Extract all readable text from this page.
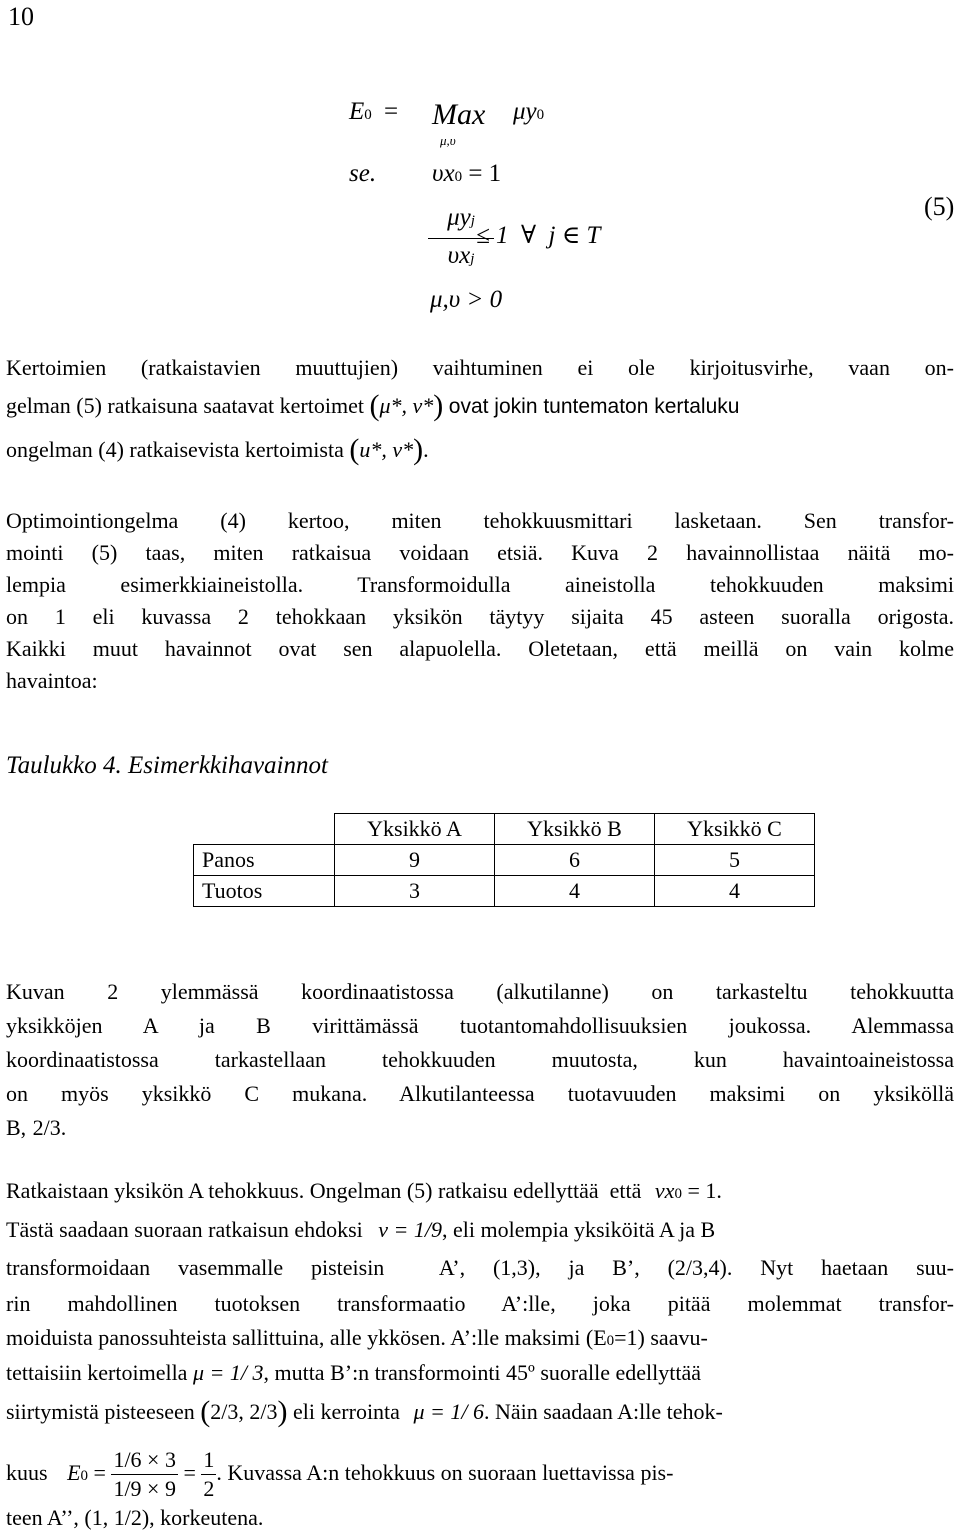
10
E0 = Max
μ,υ
μy0
se. υx0 = 1
μyj
υxj
≤ 1  ∀  j ∈ T
μ,υ > 0
(5)
Kertoimien (ratkaistavien muuttujien) vaihtuminen ei ole kirjoitusvirhe, vaan on-
gelman (5) ratkaisuna saatavat kertoimet (μ*, ν*) ovat jokin tuntematon kertaluku
ongelman (4) ratkaisevista kertoimista (u*, v*).
Optimointiongelma (4) kertoo, miten tehokkuusmittari lasketaan. Sen transfor-
mointi (5) taas, miten ratkaisua voidaan etsiä. Kuva 2 havainnollistaa näitä mo-
lempia esimerkkiaineistolla. Transformoidulla aineistolla tehokkuuden maksimi
on 1 eli kuvassa 2 tehokkaan yksikön täytyy sijaita 45 asteen suoralla origosta.
Kaikki muut havainnot ovat sen alapuolella. Oletetaan, että meillä on vain kolme
havaintoa:
Taulukko 4. Esimerkkihavainnot
	Yksikkö A	Yksikkö B	Yksikkö C
Panos	9	6	5
Tuotos	3	4	4
Kuvan 2 ylemmässä koordinaatistossa (alkutilanne) on tarkasteltu tehokkuutta
yksikköjen A ja B virittämässä tuotantomahdollisuuksien joukossa. Alemmassa
koordinaatistossa tarkastellaan tehokkuuden muutosta, kun havaintoaineistossa
on myös yksikkö C mukana. Alkutilanteessa tuotavuuden maksimi on yksiköllä
B, 2/3.
Ratkaistaan yksikön A tehokkuus. Ongelman (5) ratkaisu edellyttää  että νx0 = 1.
Tästä saadaan suoraan ratkaisun ehdoksi ν = 1/9, eli molempia yksiköitä A ja B
transformoidaan vasemmalle pisteisin  A’, (1,3), ja B’, (2/3,4). Nyt haetaan suu-
rin mahdollinen tuotoksen transformaatio A’:lle, joka pitää molemmat transfor-
moiduista panossuhteista sallittuina, alle ykkösen. A’:lle maksimi (E0=1) saavu-
tettaisiin kertoimella μ = 1/ 3, mutta B’:n transformointi 45º suoralle edellyttää
siirtymistä pisteeseen (2/3, 2/3) eli kerrointa μ = 1/ 6. Näin saadaan A:lle tehok-
kuus $E0 = \frac{1/6 \times 3}{1/9 \times 9} = \frac{1}{2}$ . Kuvassa A:n tehokkuus on suoraan luettavissa pis-
teen A’’, (1, 1/2), korkeutena.
